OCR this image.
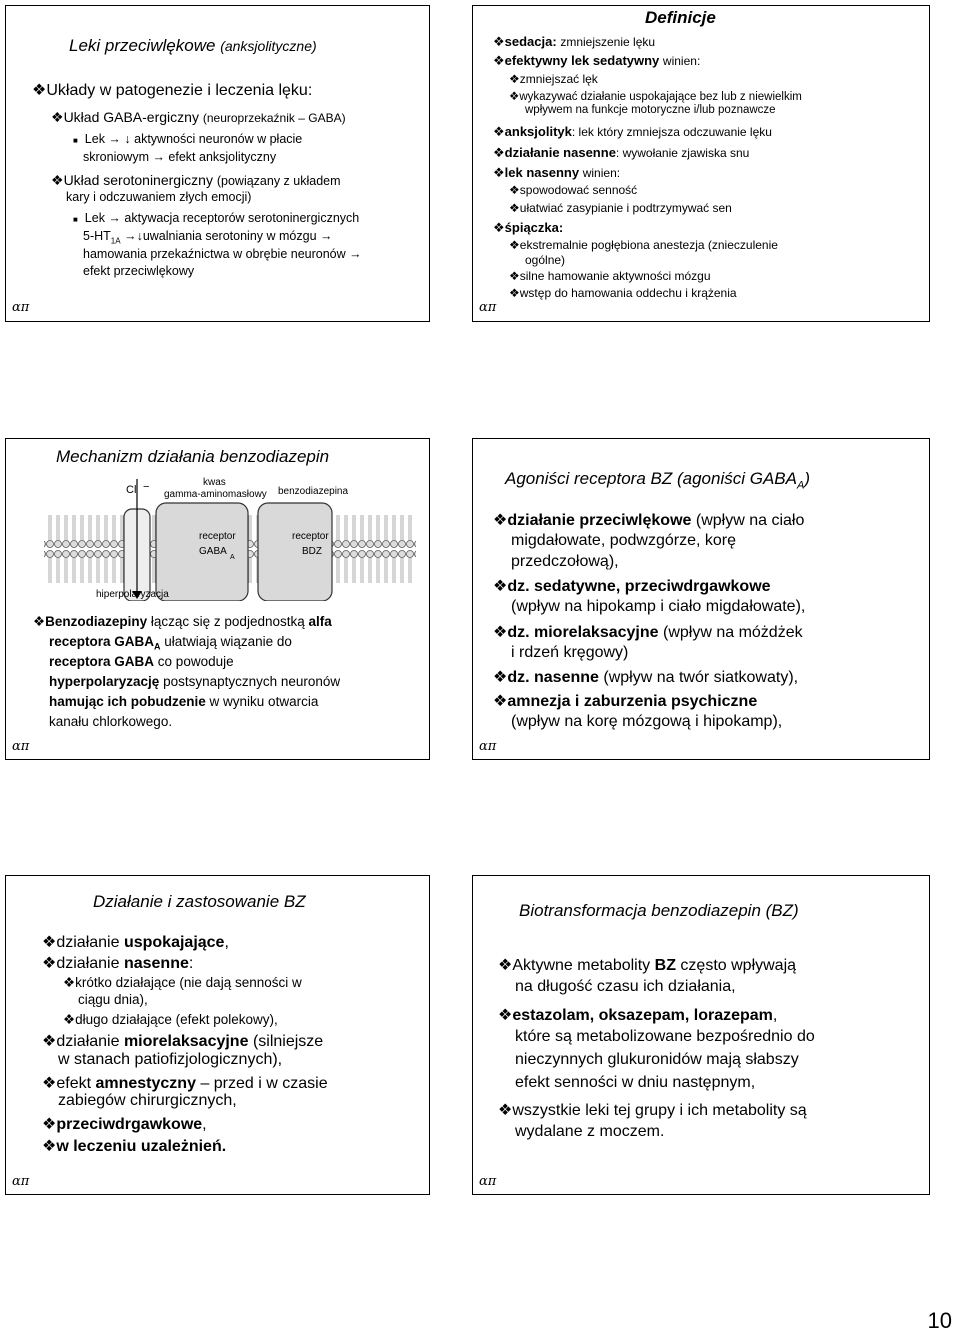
Leki przeciwlękowe (anksjolityczne)
❖Układy w patogenezie i leczenia lęku:
❖Układ GABA-ergiczny (neuroprzekaźnik – GABA)
■ Lek → ↓ aktywności neuronów w płacie
skroniowym → efekt anksjolityczny
❖Układ serotoninergiczny (powiązany z układem
kary i odczuwaniem złych emocji)
■ Lek → aktywacja receptorów serotoninergicznych
$5-HT_{1A}$ →↓uwalniania serotoniny w mózgu →
hamowania przekaźnictwa w obrębie neuronów →
efekt przeciwlękowy
απ
Definicje
❖sedacja: zmniejszenie lęku
❖efektywny lek sedatywny winien:
❖zmniejszać lęk
❖wykazywać działanie uspokajające bez lub z niewielkim
wpływem na funkcje motoryczne i/lub poznawcze
❖anksjolityk: lek który zmniejsza odczuwanie lęku
❖działanie nasenne: wywołanie zjawiska snu
❖lek nasenny winien:
❖spowodować senność
❖ułatwiać zasypianie i podtrzymywać sen
❖śpiączka:
❖ekstremalnie pogłębiona anestezja (znieczulenie
ogólne)
❖silne hamowanie aktywności mózgu
❖wstęp do hamowania oddechu i krążenia
απ
Mechanizm działania benzodiazepin
Cl −	kwas
gamma-aminomasłowy benzodiazepina
receptor
GABA
A
receptor
BDZ
hiperpolaryzacja
❖Benzodiazepiny łącząc się z podjednostką alfa
receptora $GABA_A$ ułatwiają wiązanie do
receptora GABA co powoduje
hyperpolaryzację postsynaptycznych neuronów
hamując ich pobudzenie w wyniku otwarcia
kanału chlorkowego.
απ
Agoniści receptora BZ (agoniści $GABA_A$)
❖działanie przeciwlękowe (wpływ na ciało
migdałowate, podwzgórze, korę
przedczołową),
❖dz. sedatywne, przeciwdrgawkowe
(wpływ na hipokamp i ciało migdałowate),
❖dz. miorelaksacyjne (wpływ na móżdżek
i rdzeń kręgowy)
❖dz. nasenne (wpływ na twór siatkowaty),
❖amnezja i zaburzenia psychiczne
(wpływ na korę mózgową i hipokamp),
απ
Działanie i zastosowanie BZ
❖działanie uspokajające,
❖działanie nasenne:
❖krótko działające (nie dają senności w
ciągu dnia),
❖długo działające (efekt polekowy),
❖działanie miorelaksacyjne (silniejsze
w stanach patiofizjologicznych),
❖efekt amnestyczny – przed i w czasie
zabiegów chirurgicznych,
❖przeciwdrgawkowe,
❖w leczeniu uzależnień.
απ
Biotransformacja benzodiazepin (BZ)
❖Aktywne metabolity BZ często wpływają
na długość czasu ich działania,
❖estazolam, oksazepam, lorazepam,
które są metabolizowane bezpośrednio do
nieczynnych glukuronidów mają słabszy
efekt senności w dniu następnym,
❖wszystkie leki tej grupy i ich metabolity są
wydalane z moczem.
απ
10
